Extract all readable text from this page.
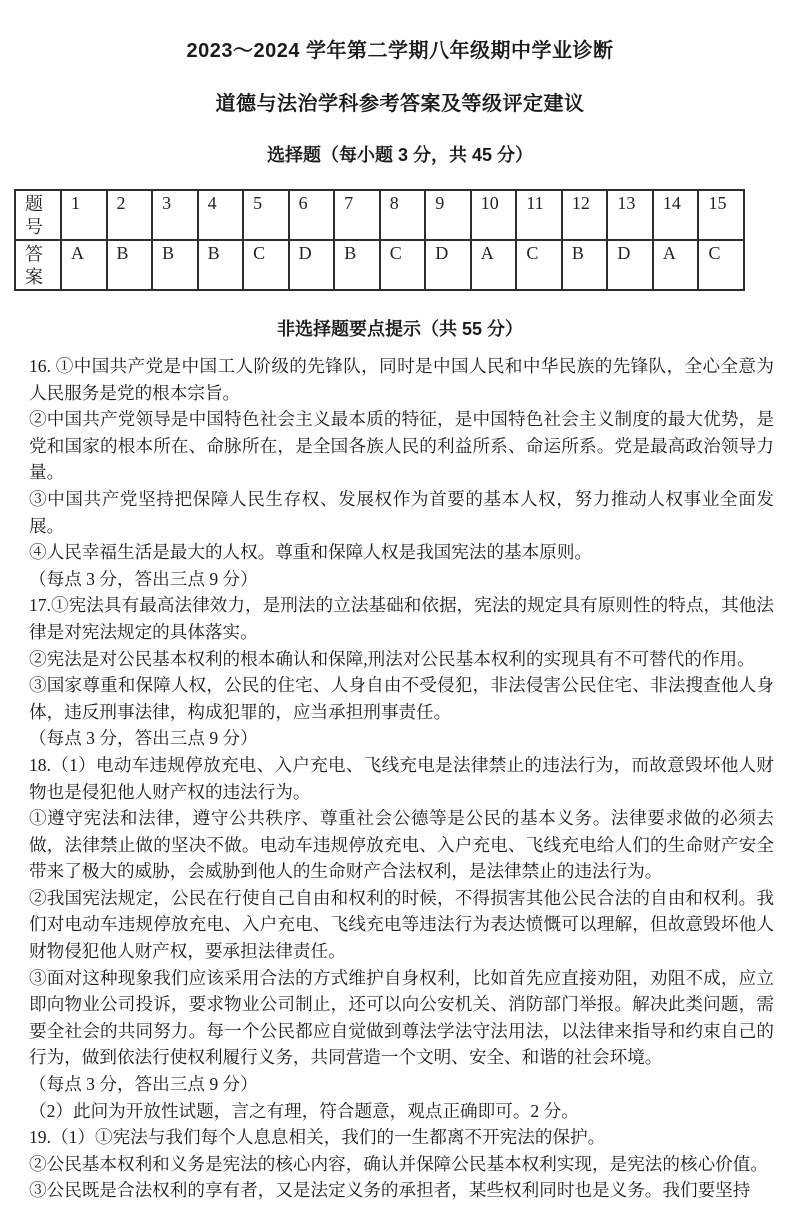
2023～2024 学年第二学期八年级期中学业诊断
道德与法治学科参考答案及等级评定建议
选择题（每小题 3 分，共 45 分）
题号	1	2	3	4	5	6	7	8	9	10	11	12	13	14	15
答案	A	B	B	B	C	D	B	C	D	A	C	B	D	A	C
非选择题要点提示（共 55 分）

16. ①中国共产党是中国工人阶级的先锋队，同时是中国人民和中华民族的先锋队，全心全意为人民服务是党的根本宗旨。

②中国共产党领导是中国特色社会主义最本质的特征，是中国特色社会主义制度的最大优势，是党和国家的根本所在、命脉所在，是全国各族人民的利益所系、命运所系。党是最高政治领导力量。

③中国共产党坚持把保障人民生存权、发展权作为首要的基本人权，努力推动人权事业全面发展。

④人民幸福生活是最大的人权。尊重和保障人权是我国宪法的基本原则。

（每点 3 分，答出三点 9 分）

17.①宪法具有最高法律效力，是刑法的立法基础和依据，宪法的规定具有原则性的特点，其他法律是对宪法规定的具体落实。

②宪法是对公民基本权利的根本确认和保障,刑法对公民基本权利的实现具有不可替代的作用。

③国家尊重和保障人权，公民的住宅、人身自由不受侵犯，非法侵害公民住宅、非法搜查他人身体，违反刑事法律，构成犯罪的，应当承担刑事责任。

（每点 3 分，答出三点 9 分）

18.（1）电动车违规停放充电、入户充电、飞线充电是法律禁止的违法行为，而故意毁坏他人财物也是侵犯他人财产权的违法行为。

①遵守宪法和法律，遵守公共秩序、尊重社会公德等是公民的基本义务。法律要求做的必须去做，法律禁止做的坚决不做。电动车违规停放充电、入户充电、飞线充电给人们的生命财产安全带来了极大的威胁，会威胁到他人的生命财产合法权利，是法律禁止的违法行为。

②我国宪法规定，公民在行使自己自由和权利的时候，不得损害其他公民合法的自由和权利。我们对电动车违规停放充电、入户充电、飞线充电等违法行为表达愤慨可以理解，但故意毁坏他人财物侵犯他人财产权，要承担法律责任。

③面对这种现象我们应该采用合法的方式维护自身权利，比如首先应直接劝阻，劝阻不成，应立即向物业公司投诉，要求物业公司制止，还可以向公安机关、消防部门举报。解决此类问题，需要全社会的共同努力。每一个公民都应自觉做到尊法学法守法用法，以法律来指导和约束自己的行为，做到依法行使权利履行义务，共同营造一个文明、安全、和谐的社会环境。

（每点 3 分，答出三点 9 分）

（2）此问为开放性试题，言之有理，符合题意，观点正确即可。2 分。

19.（1）①宪法与我们每个人息息相关，我们的一生都离不开宪法的保护。

②公民基本权利和义务是宪法的核心内容，确认并保障公民基本权利实现，是宪法的核心价值。

③公民既是合法权利的享有者，又是法定义务的承担者，某些权利同时也是义务。我们要坚持
